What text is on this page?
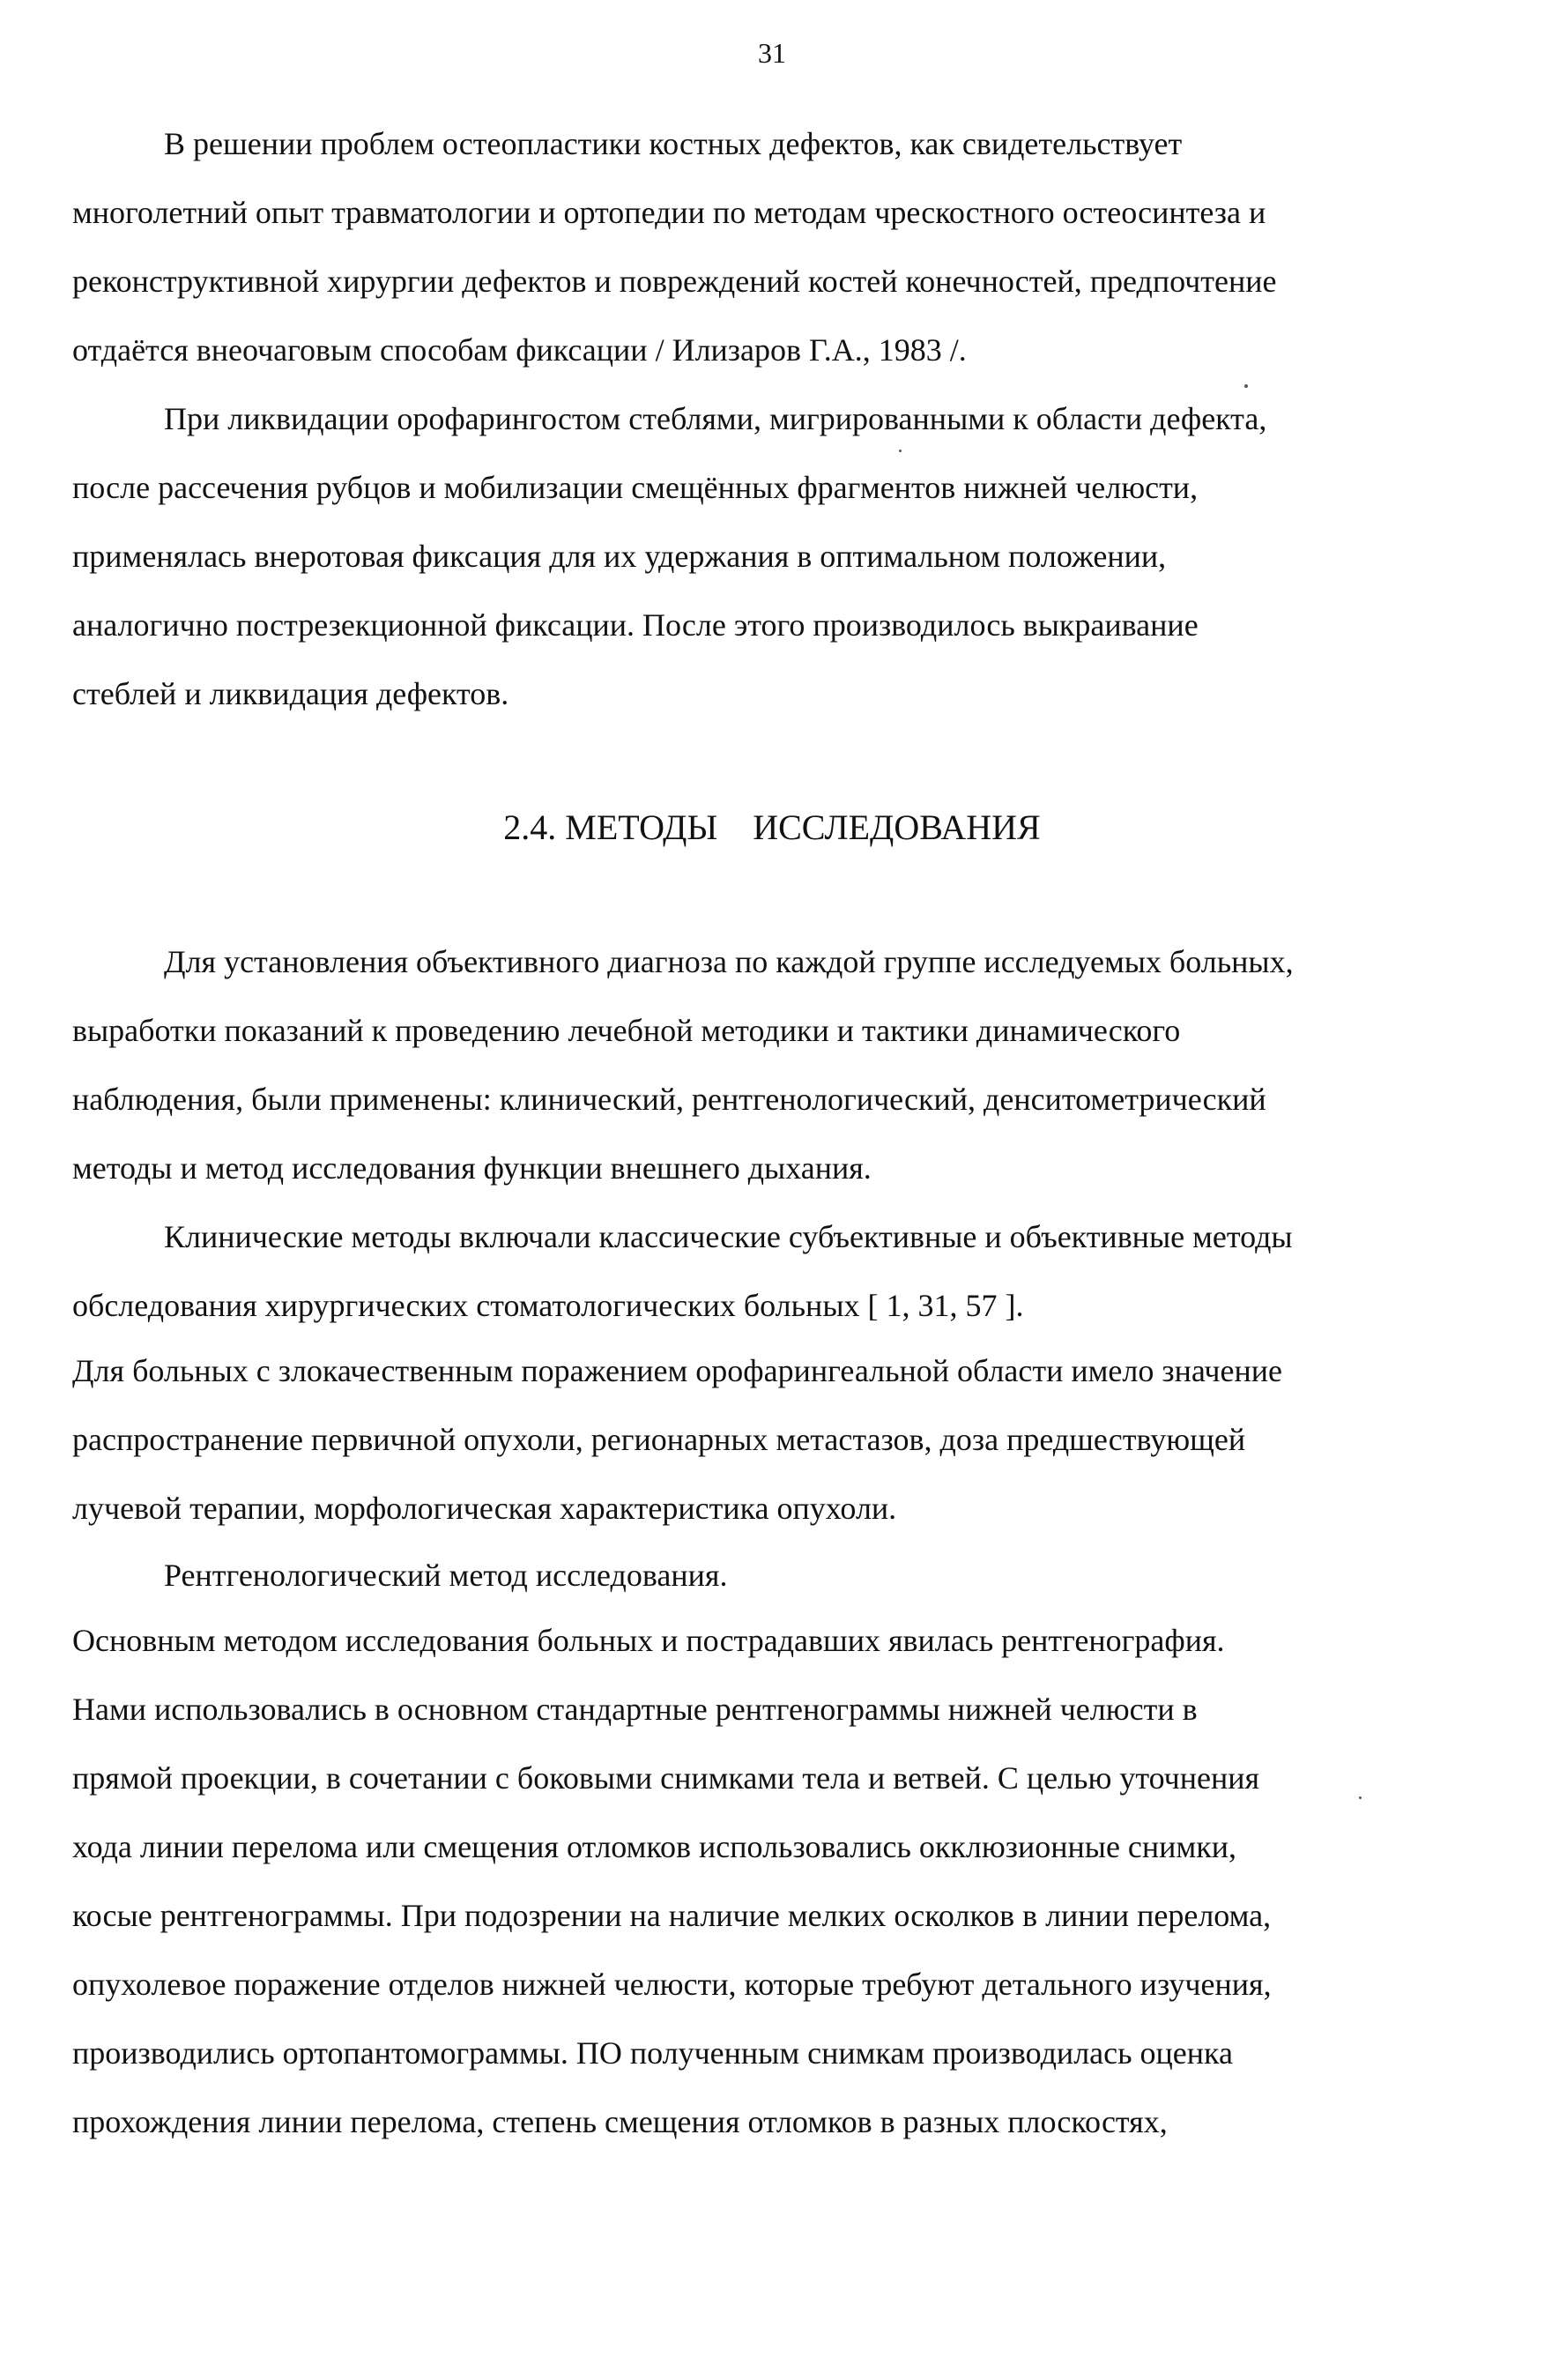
31
В решении проблем остеопластики костных дефектов, как свидетельствует
многолетний опыт травматологии и ортопедии по методам чрескостного остеосинтеза и
реконструктивной хирургии дефектов и повреждений костей конечностей, предпочтение
отдаётся внеочаговым способам фиксации / Илизаров Г.А., 1983 /.
При ликвидации орофарингостом стеблями, мигрированными к области дефекта,
после рассечения рубцов и мобилизации смещённых фрагментов нижней челюсти,
применялась внеротовая фиксация для их удержания в оптимальном положении,
аналогично пострезекционной фиксации. После этого производилось выкраивание
стеблей и ликвидация дефектов.
2.4. МЕТОДЫ ИССЛЕДОВАНИЯ
Для установления объективного диагноза по каждой группе исследуемых больных,
выработки показаний к проведению лечебной методики и тактики динамического
наблюдения, были применены: клинический, рентгенологический, денситометрический
методы и метод исследования функции внешнего дыхания.
Клинические методы включали классические субъективные и объективные методы
обследования хирургических стоматологических больных [ 1, 31, 57 ].
Для больных с злокачественным поражением орофарингеальной области имело значение
распространение первичной опухоли, регионарных метастазов, доза предшествующей
лучевой терапии, морфологическая характеристика опухоли.
Рентгенологический метод исследования.
Основным методом исследования больных и пострадавших явилась рентгенография.
Нами использовались в основном стандартные рентгенограммы нижней челюсти в
прямой проекции, в сочетании с боковыми снимками тела и ветвей. С целью уточнения
хода линии перелома или смещения отломков использовались окклюзионные снимки,
косые рентгенограммы. При подозрении на наличие мелких осколков в линии перелома,
опухолевое поражение отделов нижней челюсти, которые требуют детального изучения,
производились ортопантомограммы. ПО полученным снимкам производилась оценка
прохождения линии перелома, степень смещения отломков в разных плоскостях,
